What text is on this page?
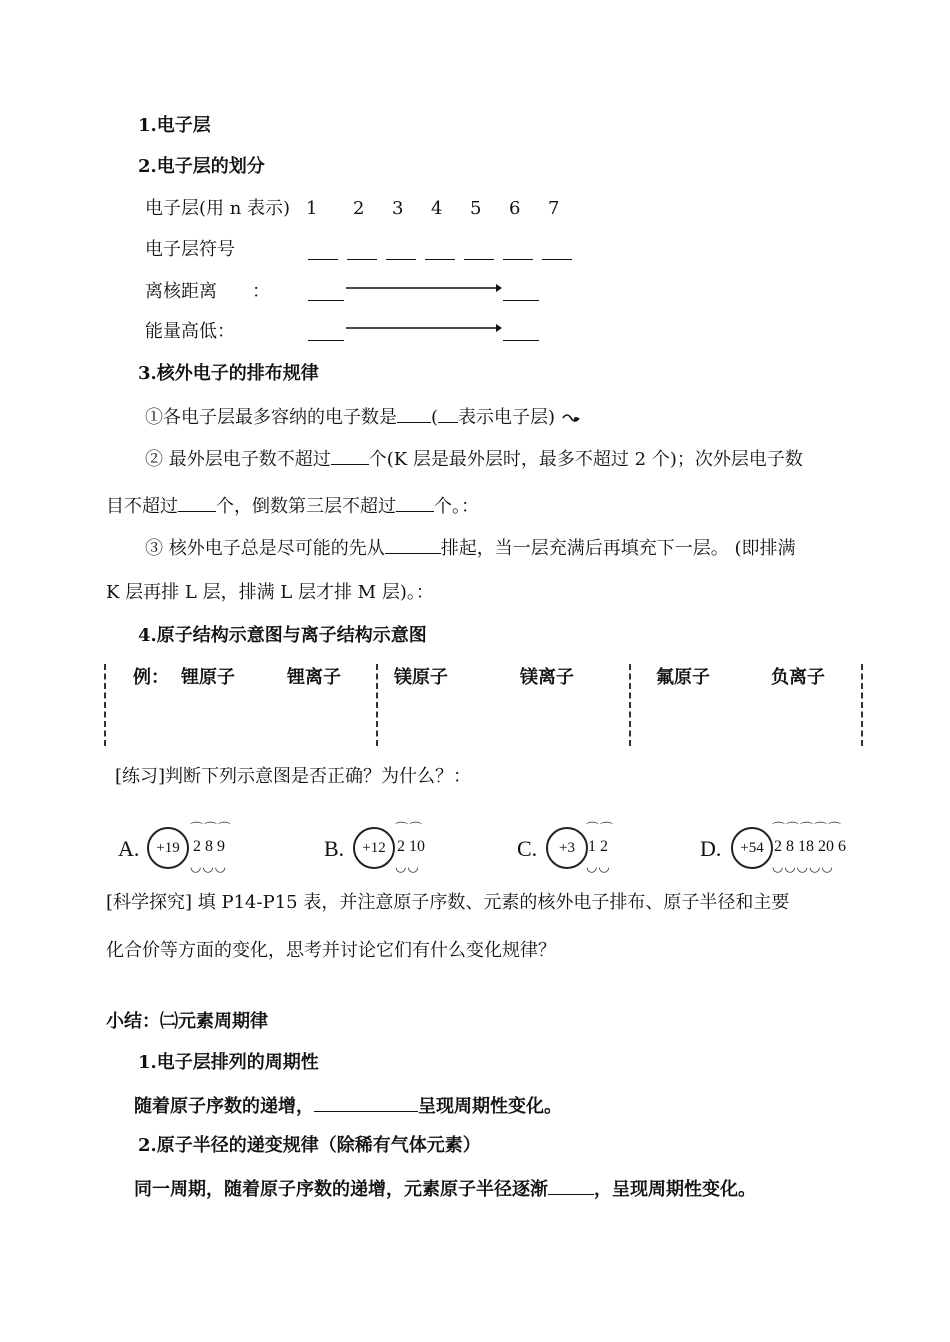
1.电子层
2.电子层的划分
电子层(用 n 表示) 1 2 3 4 5 6 7
电子层符号
离核距离 ：
能量高低：
3.核外电子的排布规律
①各电子层最多容纳的电子数是 ( 表示电子层)
② 最外层电子数不超过 个(K 层是最外层时，最多不超过 2 个)；次外层电子数
目不超过 个，倒数第三层不超过 个。：
③ 核外电子总是尽可能的先从	排起，当一层充满后再填充下一层。 (即排满
K 层再排 L 层，排满 L 层才排 M 层)。：
4.原子结构示意图与离子结构示意图
例： 锂原子	锂离子	镁原子	镁离子	氟原子	负离子
[练习]判断下列示意图是否正确？为什么？：
A.	+19
⌒⌒⌒
2 8 9
◡◡◡
B.	+12
⌒⌒
2 10
◡◡
C.	+3
⌒⌒
1 2
◡◡
D.	+54
⌒⌒⌒⌒⌒
2 8 18 20 6
◡◡◡◡◡
[科学探究] 填 P14-P15 表，并注意原子序数、元素的核外电子排布、原子半径和主要
化合价等方面的变化，思考并讨论它们有什么变化规律？
小结：㈡元素周期律
1.电子层排列的周期性
随着原子序数的递增，	呈现周期性变化。
2.原子半径的递变规律（除稀有气体元素）
同一周期，随着原子序数的递增，元素原子半径逐渐	，呈现周期性变化。
